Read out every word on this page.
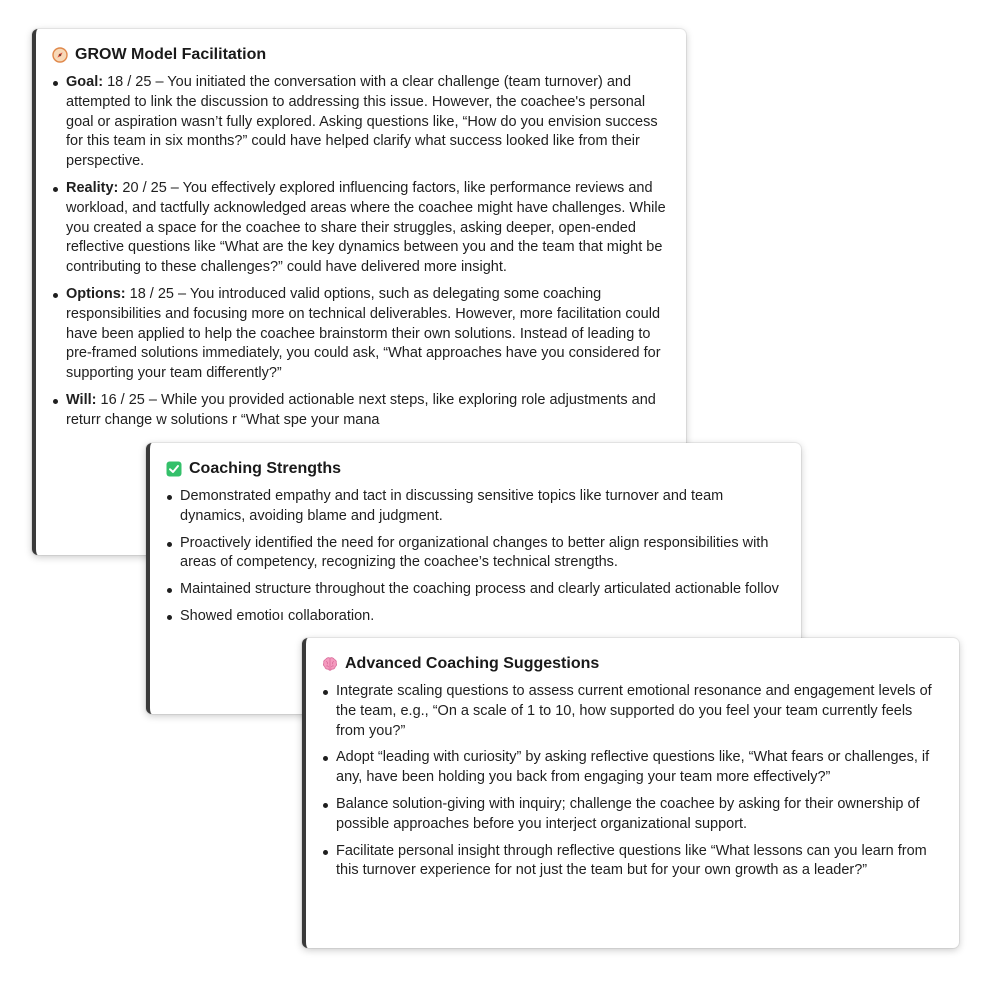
GROW Model Facilitation
Goal: 18 / 25 – You initiated the conversation with a clear challenge (team turnover) and attempted to link the discussion to addressing this issue. However, the coachee's personal goal or aspiration wasn’t fully explored. Asking questions like, “How do you envision success for this team in six months?” could have helped clarify what success looked like from their perspective.
Reality: 20 / 25 – You effectively explored influencing factors, like performance reviews and workload, and tactfully acknowledged areas where the coachee might have challenges. While you created a space for the coachee to share their struggles, asking deeper, open-ended reflective questions like “What are the key dynamics between you and the team that might be contributing to these challenges?” could have delivered more insight.
Options: 18 / 25 – You introduced valid options, such as delegating some coaching responsibilities and focusing more on technical deliverables. However, more facilitation could have been applied to help the coachee brainstorm their own solutions. Instead of leading to pre-framed solutions immediately, you could ask, “What approaches have you considered for supporting your team differently?”
Will: 16 / 25 – While you provided actionable next steps, like exploring role adjustments and returr change w solutions r “What spe your mana
Coaching Strengths
Demonstrated empathy and tact in discussing sensitive topics like turnover and team dynamics, avoiding blame and judgment.
Proactively identified the need for organizational changes to better align responsibilities with areas of competency, recognizing the coachee’s technical strengths.
Maintained structure throughout the coaching process and clearly articulated actionable follov
Showed emotioı collaboration.
Advanced Coaching Suggestions
Integrate scaling questions to assess current emotional resonance and engagement levels of the team, e.g., “On a scale of 1 to 10, how supported do you feel your team currently feels from you?”
Adopt “leading with curiosity” by asking reflective questions like, “What fears or challenges, if any, have been holding you back from engaging your team more effectively?”
Balance solution-giving with inquiry; challenge the coachee by asking for their ownership of possible approaches before you interject organizational support.
Facilitate personal insight through reflective questions like “What lessons can you learn from this turnover experience for not just the team but for your own growth as a leader?”
